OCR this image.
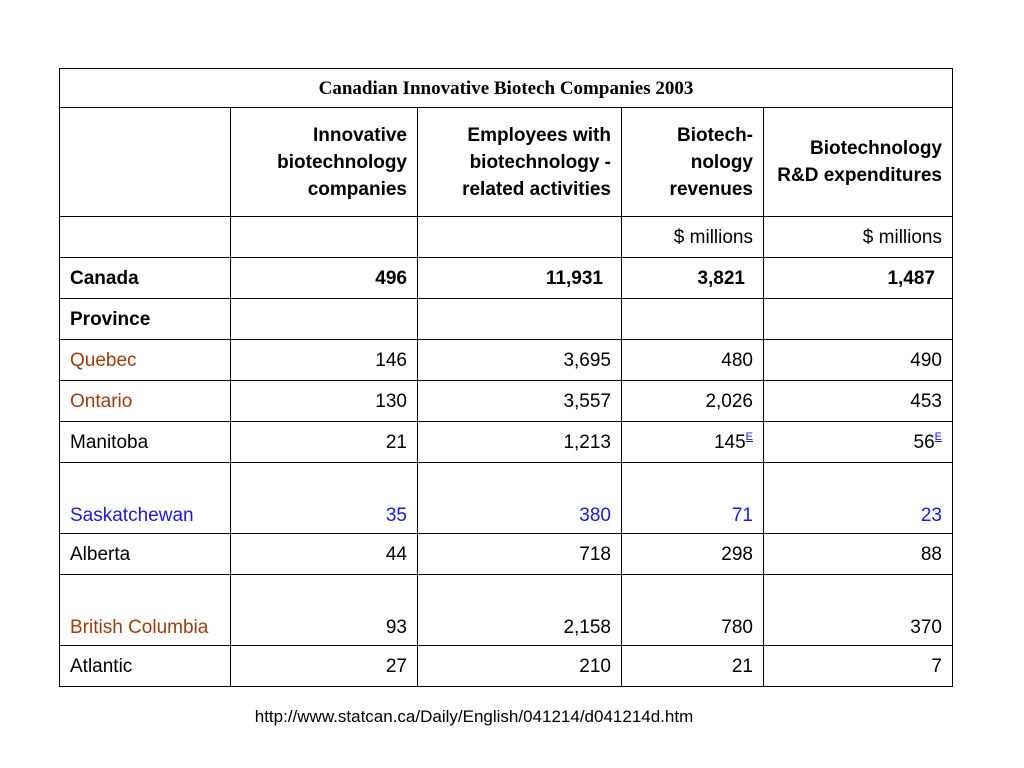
Canadian Innovative Biotech Companies 2003				
	Innovative biotechnology companies	Employees with biotechnology -related activities	Biotech-nology revenues	Biotechnology R&D expenditures
			$ millions	$ millions
Canada	496	11,931	3,821	1,487
Province				
Quebec	146	3,695	480	490
Ontario	130	3,557	2,026	453
Manitoba	21	1,213	$145^E$	$56^E$
Saskatchewan	35	380	71	23
Alberta	44	718	298	88
British Columbia	93	2,158	780	370
Atlantic	27	210	21	7
http://www.statcan.ca/Daily/English/041214/d041214d.htm
